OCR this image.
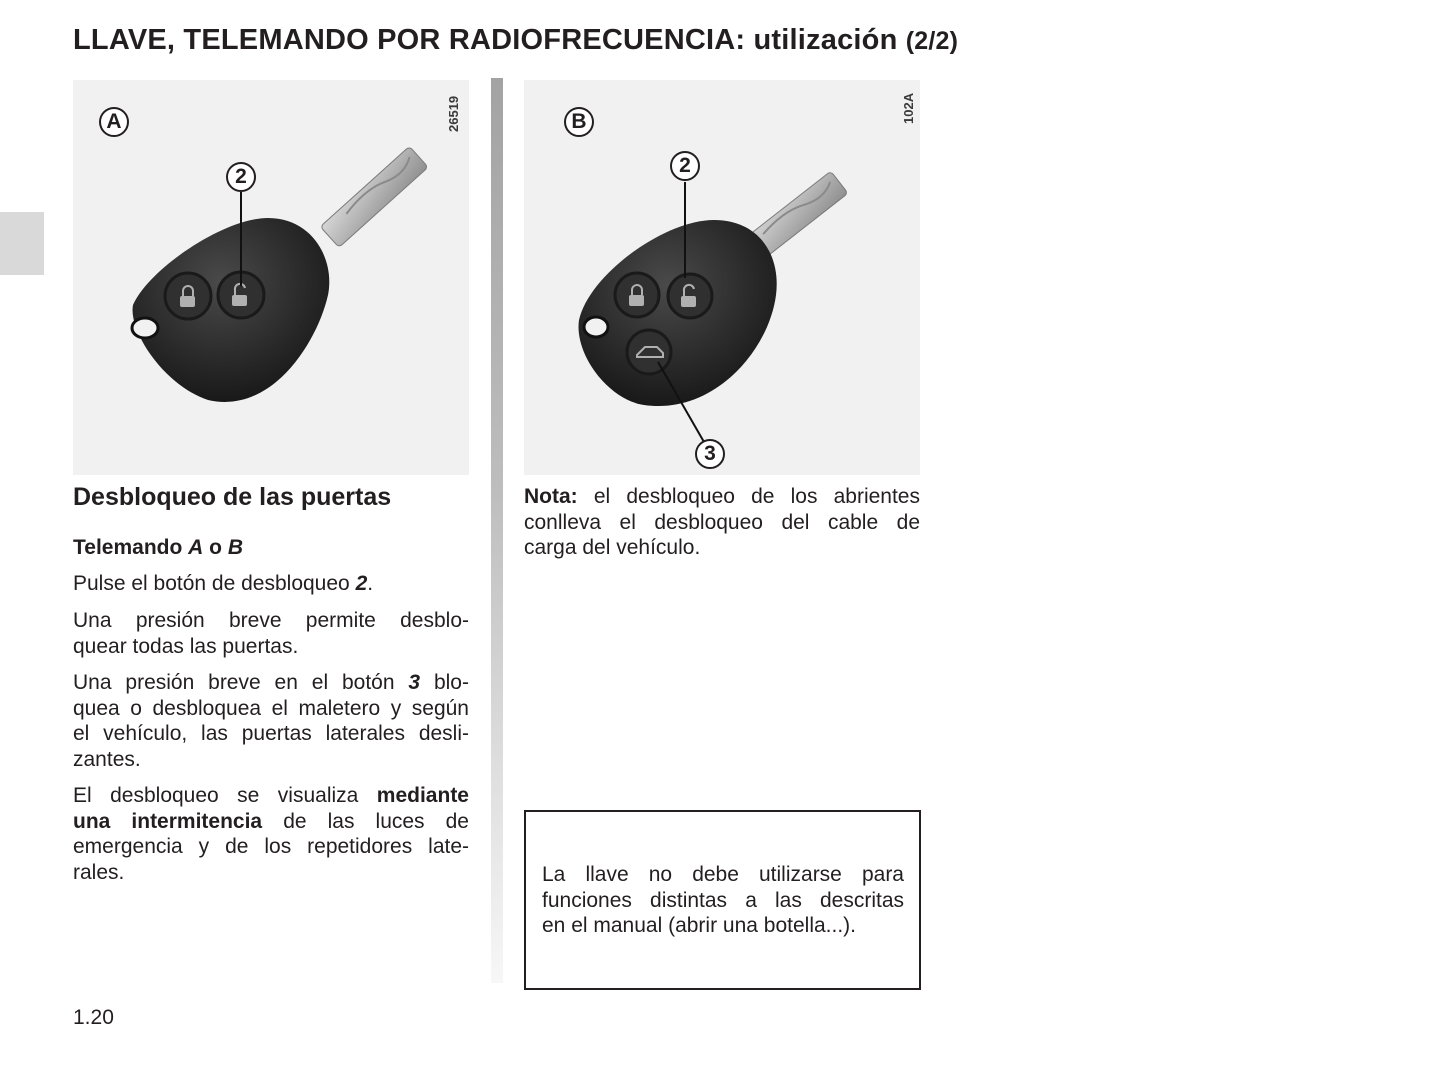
LLAVE, TELEMANDO POR RADIOFRECUENCIA: utilización (2/2)
A
2
26519	B
2
3
102A
Desbloqueo de las puertas

Telemando A o B

Pulse el botón de desbloqueo 2.

Una presión breve permite desblo-

quear todas las puertas.

Una presión breve en el botón 3 blo-

quea o desbloquea el maletero y según

el vehículo, las puertas laterales desli-

zantes.

El desbloqueo se visualiza mediante

una intermitencia de las luces de

emergencia y de los repetidores late-

rales.

Nota: el desbloqueo de los abrientes

conlleva el desbloqueo del cable de

carga del vehículo.

La llave no debe utilizarse para

funciones distintas a las descritas

en el manual (abrir una botella...).

1.20
